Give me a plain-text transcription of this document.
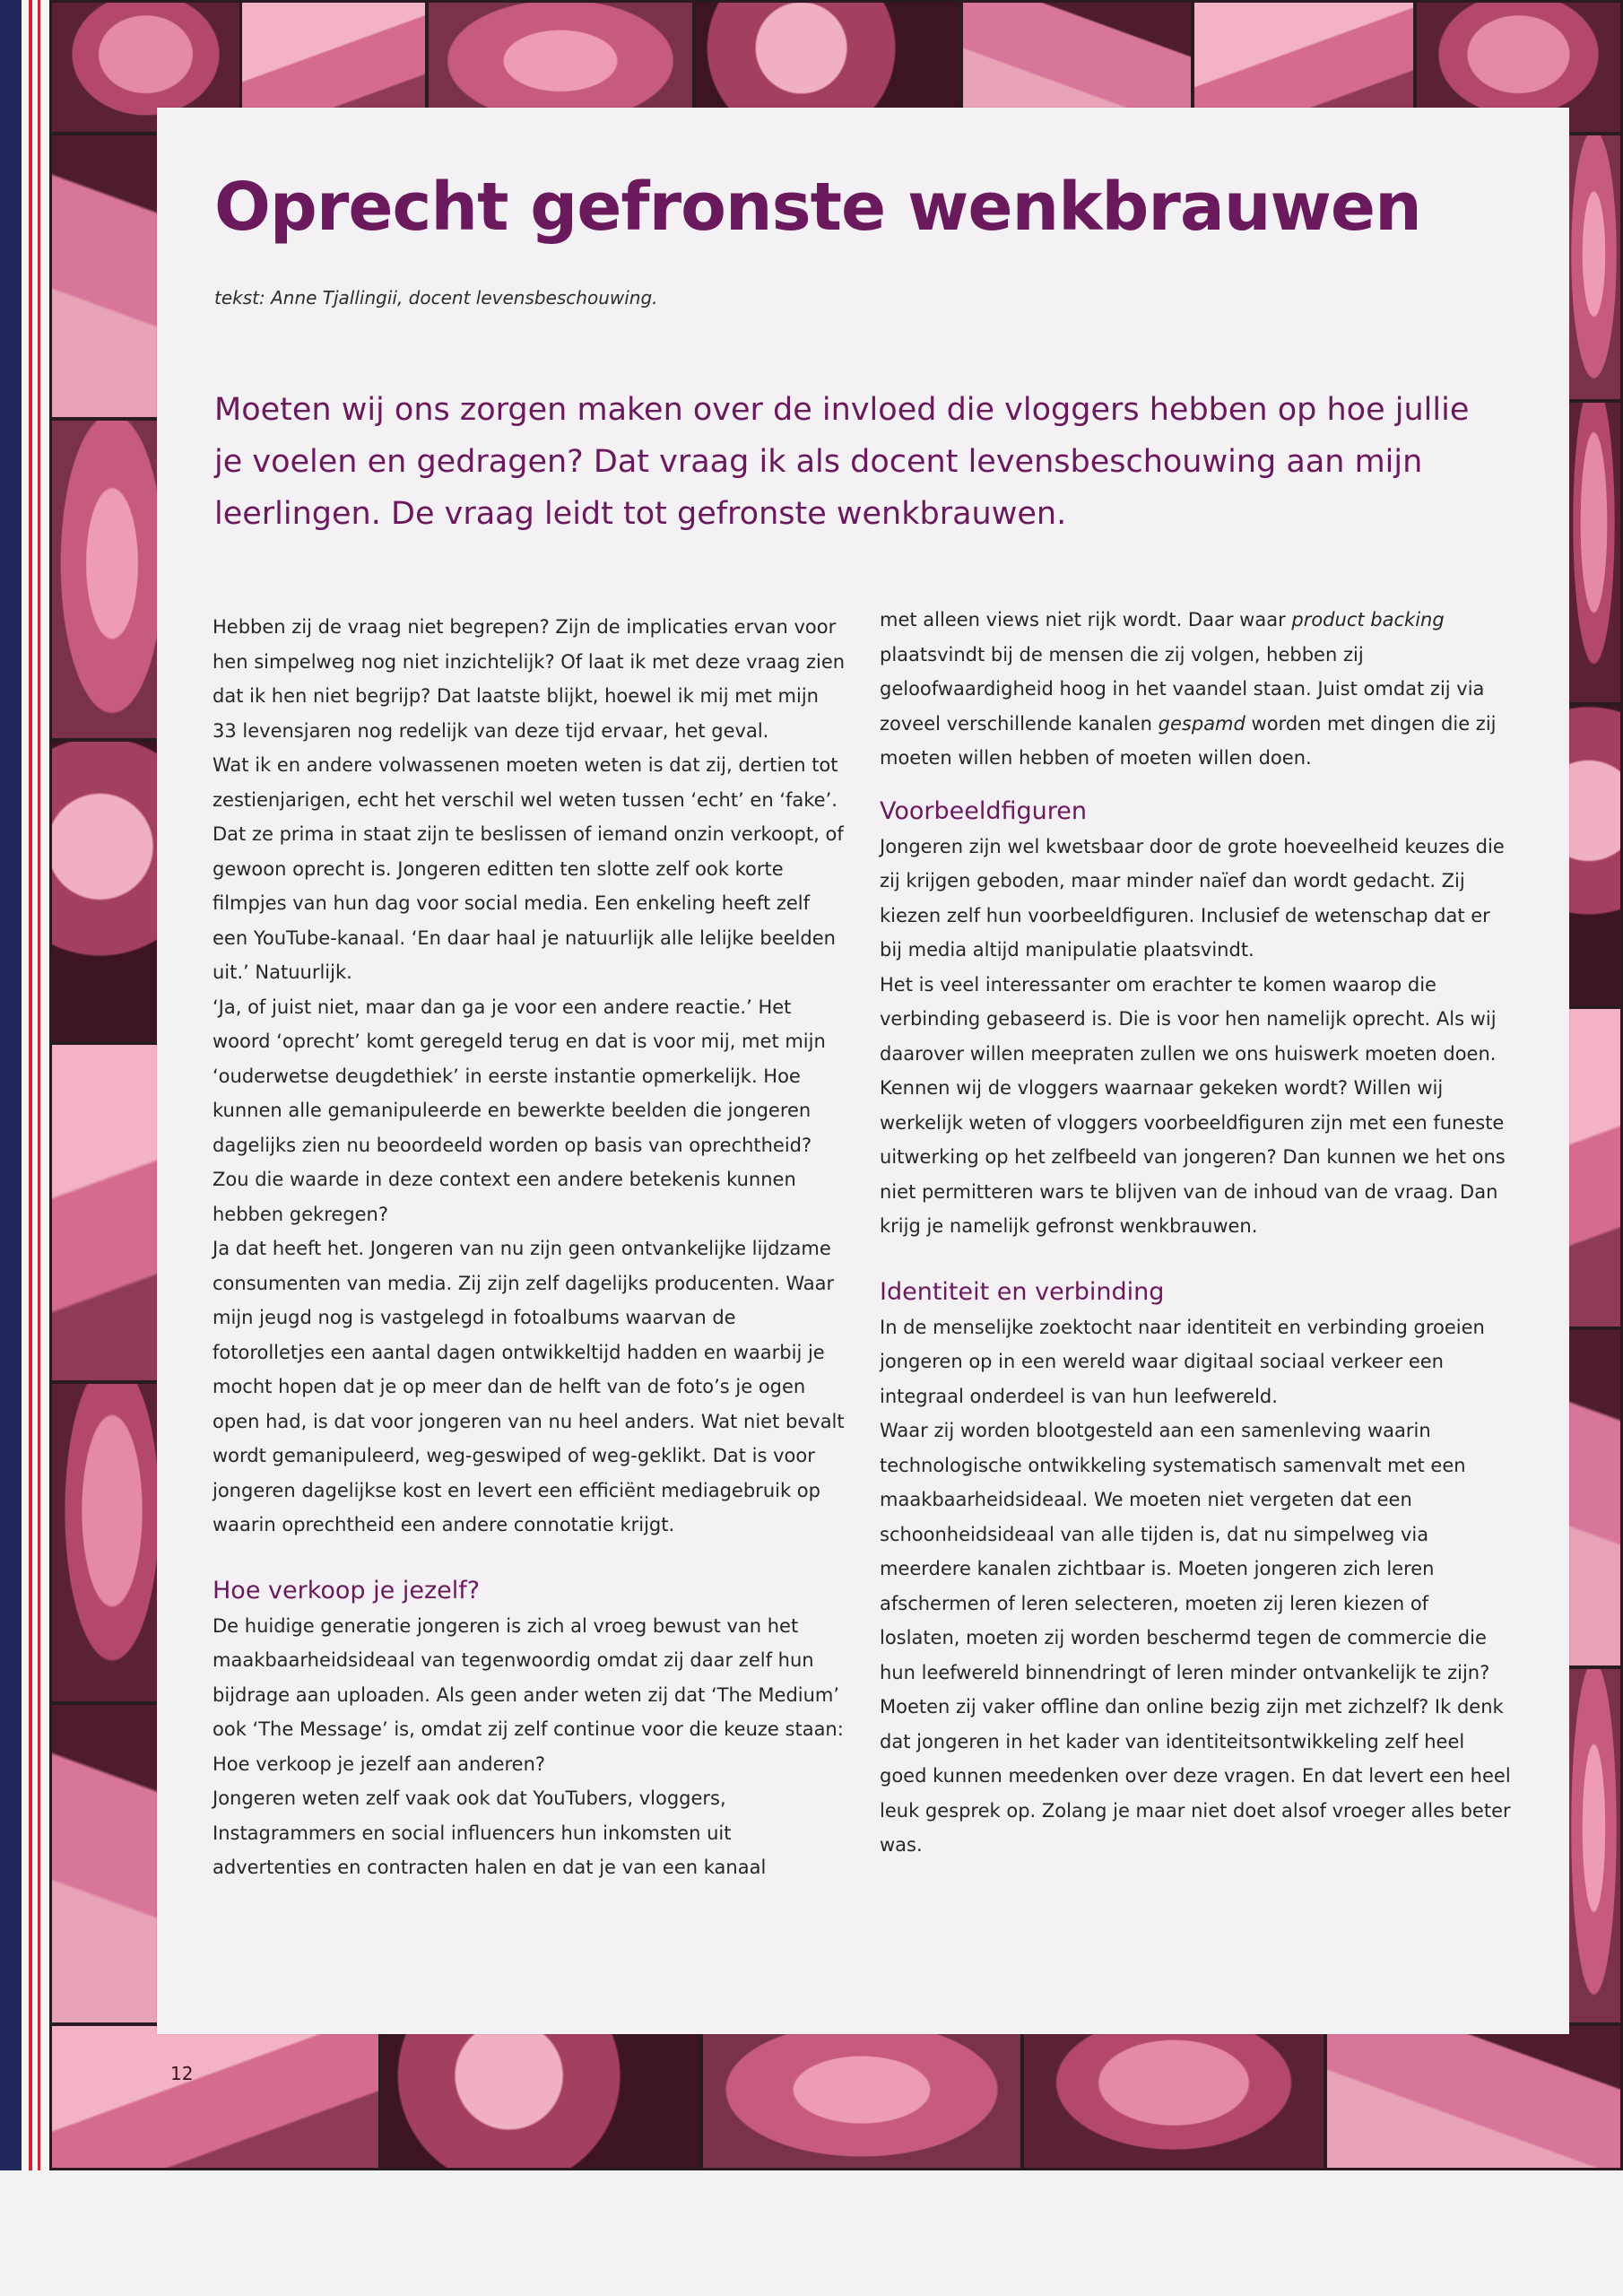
12
Oprecht gefronste wenkbrauwen
tekst: Anne Tjallingii, docent levensbeschouwing.

Moeten wij ons zorgen maken over de invloed die vloggers hebben op hoe jullie je voelen en gedragen? Dat vraag ik als docent levensbeschouwing aan mijn leerlingen. De vraag leidt tot gefronste wenkbrauwen.

Hebben zij de vraag niet begrepen? Zijn de implicaties ervan voor hen simpelweg nog niet inzichtelijk? Of laat ik met deze vraag zien dat ik hen niet begrijp? Dat laatste blijkt, hoewel ik mij met mijn 33 levensjaren nog redelijk van deze tijd ervaar, het geval.

Wat ik en andere volwassenen moeten weten is dat zij, dertien tot zestienjarigen, echt het verschil wel weten tussen ‘echt’ en ‘fake’. Dat ze prima in staat zijn te beslissen of iemand onzin verkoopt, of gewoon oprecht is. Jongeren editten ten slotte zelf ook korte filmpjes van hun dag voor social media. Een enkeling heeft zelf een YouTube-kanaal. ‘En daar haal je natuurlijk alle lelijke beelden uit.’ Natuurlijk.

‘Ja, of juist niet, maar dan ga je voor een andere reactie.’ Het woord ‘oprecht’ komt geregeld terug en dat is voor mij, met mijn ‘ouderwetse deugdethiek’ in eerste instantie opmerkelijk. Hoe kunnen alle gemanipuleerde en bewerkte beelden die jongeren dagelijks zien nu beoordeeld worden op basis van oprechtheid? Zou die waarde in deze context een andere betekenis kunnen hebben gekregen?

Ja dat heeft het. Jongeren van nu zijn geen ontvankelijke lijdzame consumenten van media. Zij zijn zelf dagelijks producenten. Waar mijn jeugd nog is vastgelegd in fotoalbums waarvan de fotorolletjes een aantal dagen ontwikkeltijd hadden en waarbij je mocht hopen dat je op meer dan de helft van de foto’s je ogen open had, is dat voor jongeren van nu heel anders. Wat niet bevalt wordt gemanipuleerd, weg-geswiped of weg-geklikt. Dat is voor jongeren dagelijkse kost en levert een efficiënt mediagebruik op waarin oprechtheid een andere connotatie krijgt.

Hoe verkoop je jezelf?

De huidige generatie jongeren is zich al vroeg bewust van het maakbaarheidsideaal van tegenwoordig omdat zij daar zelf hun bijdrage aan uploaden. Als geen ander weten zij dat ‘The Medium’ ook ‘The Message’ is, omdat zij zelf continue voor die keuze staan: Hoe verkoop je jezelf aan anderen?

Jongeren weten zelf vaak ook dat YouTubers, vloggers, Instagrammers en social influencers hun inkomsten uit advertenties en contracten halen en dat je van een kanaal

met alleen views niet rijk wordt. Daar waar product backing plaatsvindt bij de mensen die zij volgen, hebben zij geloofwaardigheid hoog in het vaandel staan. Juist omdat zij via zoveel verschillende kanalen gespamd worden met dingen die zij moeten willen hebben of moeten willen doen.

Voorbeeldfiguren

Jongeren zijn wel kwetsbaar door de grote hoeveelheid keuzes die zij krijgen geboden, maar minder naïef dan wordt gedacht. Zij kiezen zelf hun voorbeeldfiguren. Inclusief de wetenschap dat er bij media altijd manipulatie plaatsvindt.

Het is veel interessanter om erachter te komen waarop die verbinding gebaseerd is. Die is voor hen namelijk oprecht. Als wij daarover willen meepraten zullen we ons huiswerk moeten doen. Kennen wij de vloggers waarnaar gekeken wordt? Willen wij werkelijk weten of vloggers voorbeeldfiguren zijn met een funeste uitwerking op het zelfbeeld van jongeren? Dan kunnen we het ons niet permitteren wars te blijven van de inhoud van de vraag. Dan krijg je namelijk gefronst wenkbrauwen.

Identiteit en verbinding

In de menselijke zoektocht naar identiteit en verbinding groeien jongeren op in een wereld waar digitaal sociaal verkeer een integraal onderdeel is van hun leefwereld.

Waar zij worden blootgesteld aan een samenleving waarin technologische ontwikkeling systematisch samenvalt met een maakbaarheidsideaal. We moeten niet vergeten dat een schoonheidsideaal van alle tijden is, dat nu simpelweg via meerdere kanalen zichtbaar is. Moeten jongeren zich leren afschermen of leren selecteren, moeten zij leren kiezen of loslaten, moeten zij worden beschermd tegen de commercie die hun leefwereld binnendringt of leren minder ontvankelijk te zijn? Moeten zij vaker offline dan online bezig zijn met zichzelf? Ik denk dat jongeren in het kader van identiteitsontwikkeling zelf heel goed kunnen meedenken over deze vragen. En dat levert een heel leuk gesprek op. Zolang je maar niet doet alsof vroeger alles beter was.
